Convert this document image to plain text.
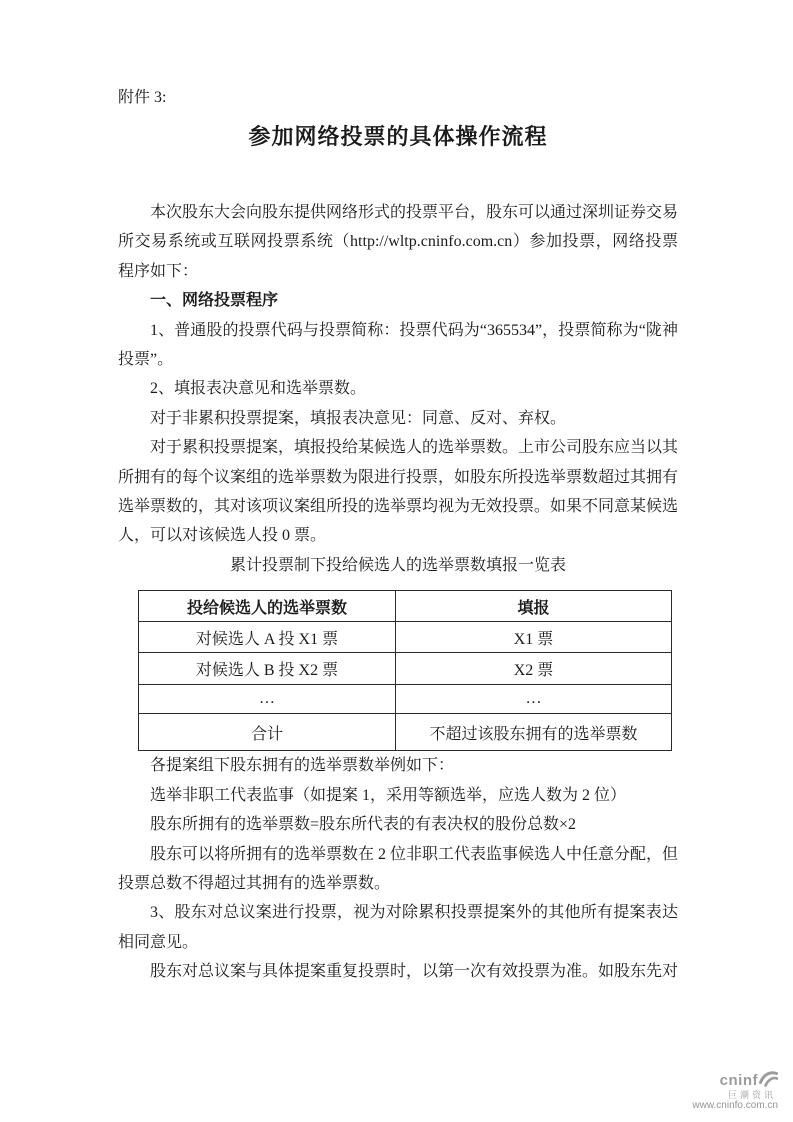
附件 3:
参加网络投票的具体操作流程

本次股东大会向股东提供网络形式的投票平台，股东可以通过深圳证券交易所交易系统或互联网投票系统（http://wltp.cninfo.com.cn）参加投票，网络投票程序如下：

一、网络投票程序

1、普通股的投票代码与投票简称：投票代码为“365534”，投票简称为“陇神投票”。

2、填报表决意见和选举票数。

对于非累积投票提案，填报表决意见：同意、反对、弃权。

对于累积投票提案，填报投给某候选人的选举票数。上市公司股东应当以其所拥有的每个议案组的选举票数为限进行投票，如股东所投选举票数超过其拥有选举票数的，其对该项议案组所投的选举票均视为无效投票。如果不同意某候选人，可以对该候选人投 0 票。

累计投票制下投给候选人的选举票数填报一览表
投给候选人的选举票数	填报
对候选人 A 投 X1 票	X1 票
对候选人 B 投 X2 票	X2 票
…	…
合计	不超过该股东拥有的选举票数

各提案组下股东拥有的选举票数举例如下：

选举非职工代表监事（如提案 1，采用等额选举，应选人数为 2 位）

股东所拥有的选举票数=股东所代表的有表决权的股份总数×2

股东可以将所拥有的选举票数在 2 位非职工代表监事候选人中任意分配，但投票总数不得超过其拥有的选举票数。

3、股东对总议案进行投票，视为对除累积投票提案外的其他所有提案表达相同意见。

股东对总议案与具体提案重复投票时，以第一次有效投票为准。如股东先对

cninf
巨潮资讯
www.cninfo.com.cn
